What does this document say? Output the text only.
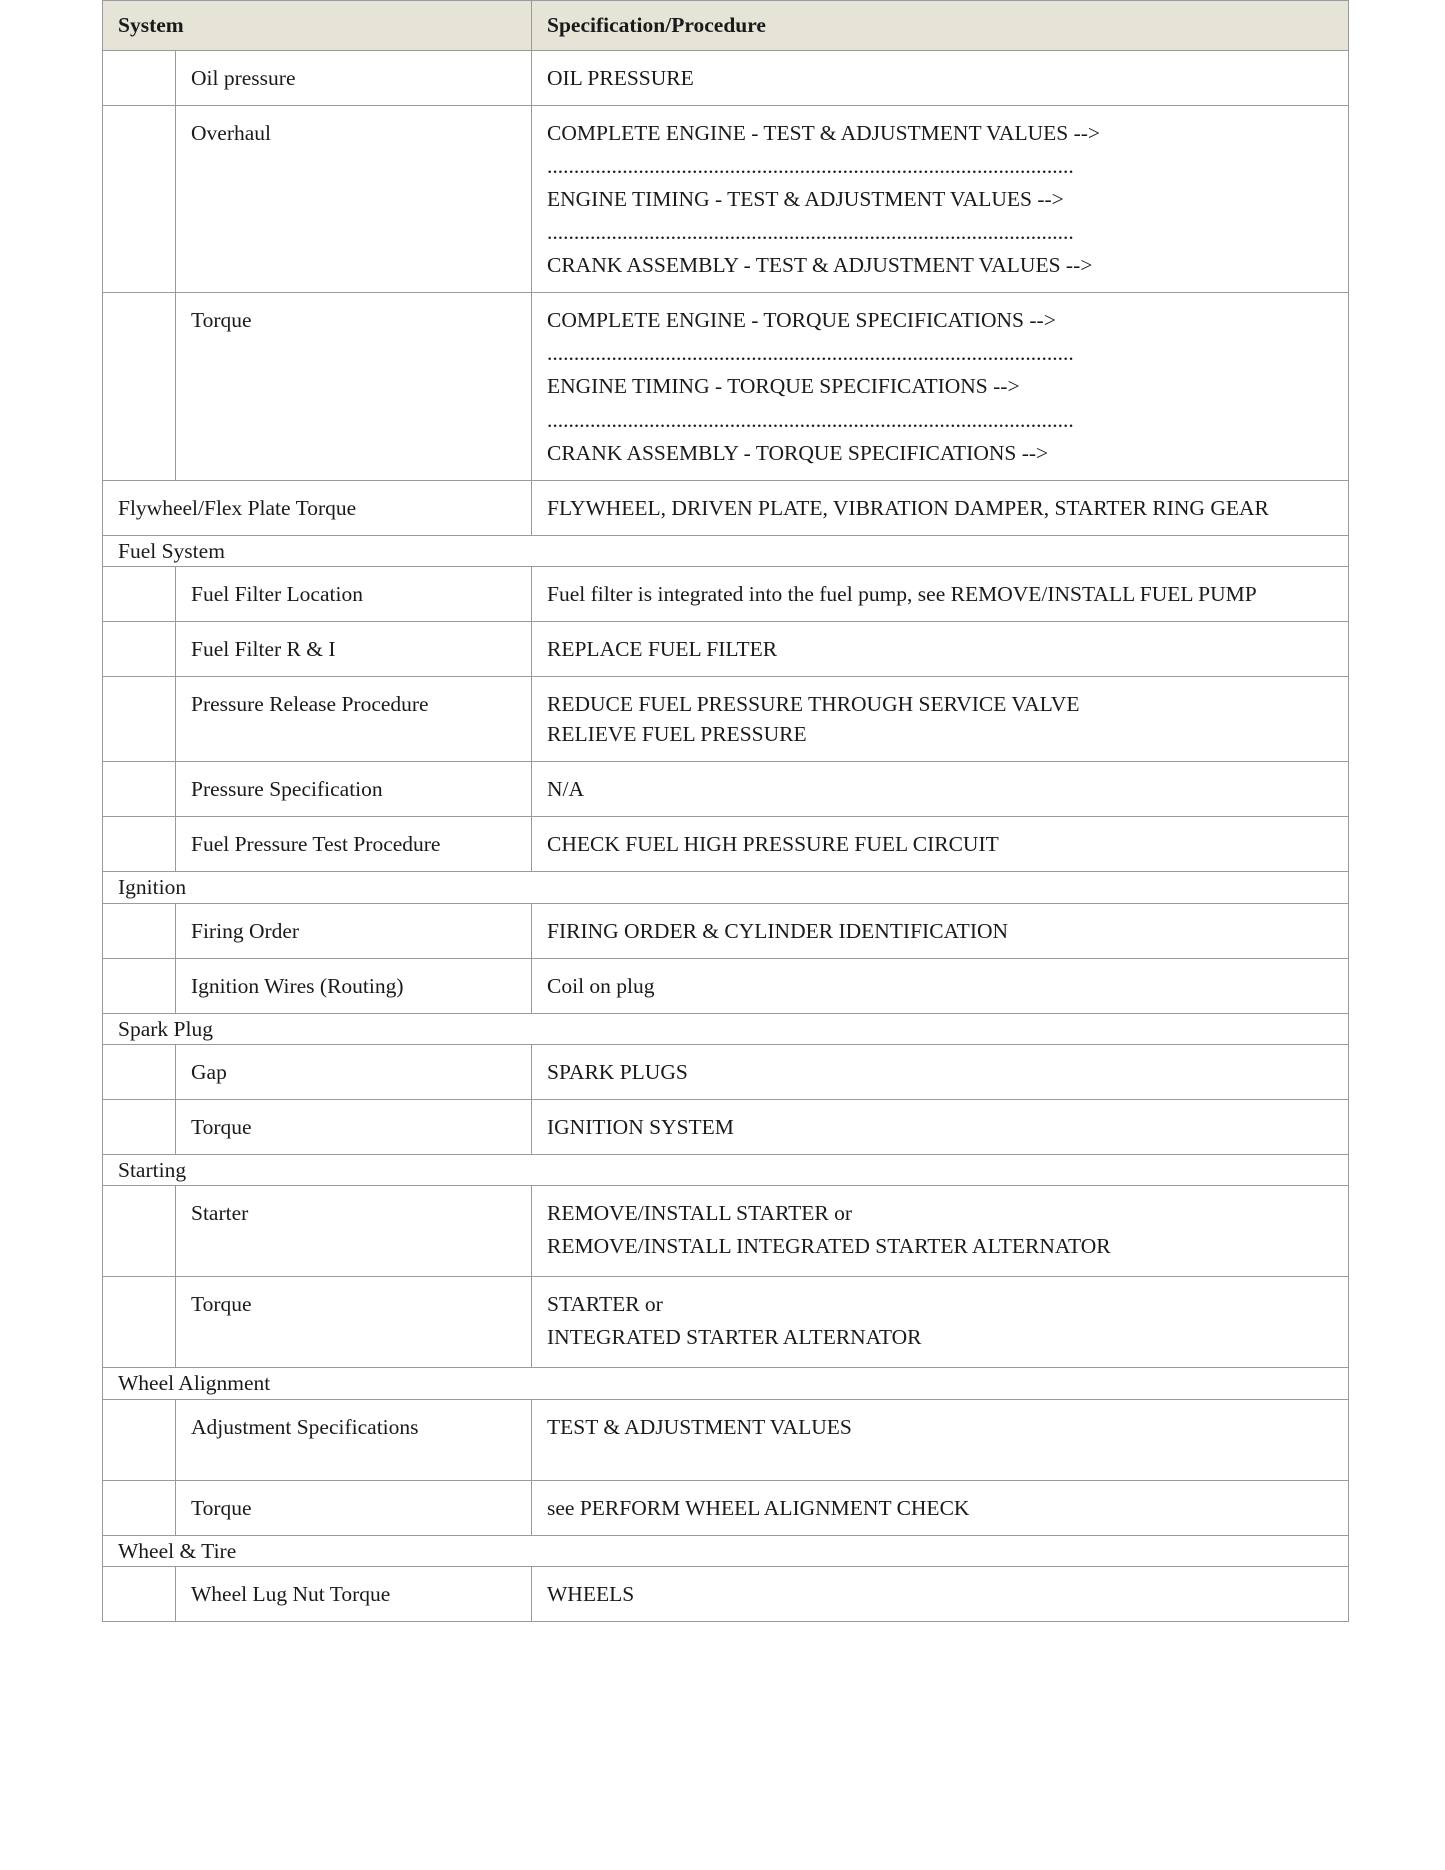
System		Specification/Procedure
	Oil pressure	OIL PRESSURE
	Overhaul	COMPLETE ENGINE - TEST & ADJUSTMENT VALUES -->
..................................................................................................
ENGINE TIMING - TEST & ADJUSTMENT VALUES -->
..................................................................................................
CRANK ASSEMBLY - TEST & ADJUSTMENT VALUES -->

	Torque	COMPLETE ENGINE - TORQUE SPECIFICATIONS -->
..................................................................................................
ENGINE TIMING - TORQUE SPECIFICATIONS -->
..................................................................................................
CRANK ASSEMBLY - TORQUE SPECIFICATIONS -->

Flywheel/Flex Plate Torque		FLYWHEEL, DRIVEN PLATE, VIBRATION DAMPER, STARTER RING GEAR
Fuel System		
	Fuel Filter Location	Fuel filter is integrated into the fuel pump, see REMOVE/INSTALL FUEL PUMP
	Fuel Filter R & I	REPLACE FUEL FILTER
	Pressure Release Procedure	REDUCE FUEL PRESSURE THROUGH SERVICE VALVE
RELIEVE FUEL PRESSURE

	Pressure Specification	N/A
	Fuel Pressure Test Procedure	CHECK FUEL HIGH PRESSURE FUEL CIRCUIT
Ignition		
	Firing Order	FIRING ORDER & CYLINDER IDENTIFICATION
	Ignition Wires (Routing)	Coil on plug
Spark Plug		
	Gap	SPARK PLUGS
	Torque	IGNITION SYSTEM
Starting		
	Starter	REMOVE/INSTALL STARTER or
REMOVE/INSTALL INTEGRATED STARTER ALTERNATOR

	Torque	STARTER or
INTEGRATED STARTER ALTERNATOR

Wheel Alignment		
	Adjustment Specifications	TEST & ADJUSTMENT VALUES
	Torque	see PERFORM WHEEL ALIGNMENT CHECK
Wheel & Tire		
	Wheel Lug Nut Torque	WHEELS
